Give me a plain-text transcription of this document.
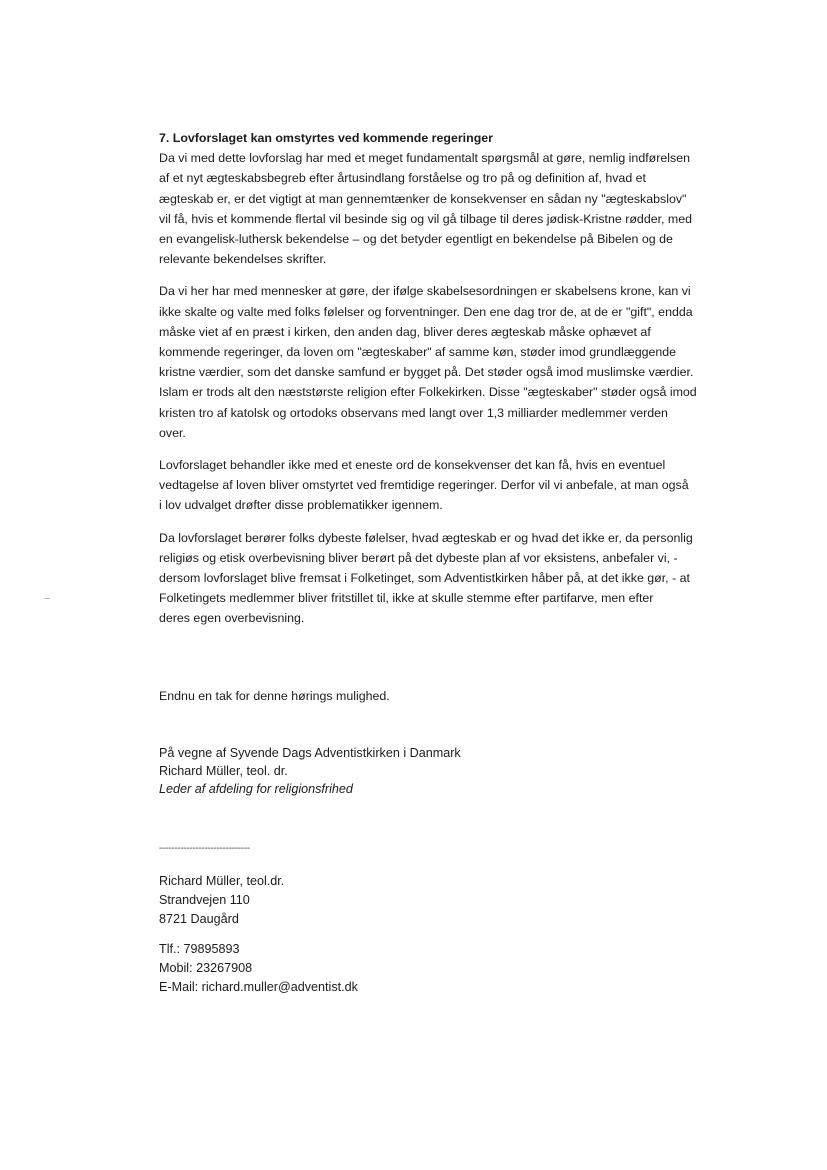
7. Lovforslaget kan omstyrtes ved kommende regeringer

Da vi med dette lovforslag har med et meget fundamentalt spørgsmål at gøre, nemlig indførelsen
af et nyt ægteskabsbegreb efter årtusindlang forståelse og tro på og definition af, hvad et
ægteskab er, er det vigtigt at man gennemtænker de konsekvenser en sådan ny "ægteskabslov"
vil få, hvis et kommende flertal vil besinde sig og vil gå tilbage til deres jødisk-Kristne rødder, med
en evangelisk-luthersk bekendelse – og det betyder egentligt en bekendelse på Bibelen og de
relevante bekendelses skrifter.

Da vi her har med mennesker at gøre, der ifølge skabelsesordningen er skabelsens krone, kan vi
ikke skalte og valte med folks følelser og forventninger. Den ene dag tror de, at de er "gift", endda
måske viet af en præst i kirken, den anden dag, bliver deres ægteskab måske ophævet af
kommende regeringer, da loven om "ægteskaber" af samme køn, støder imod grundlæggende
kristne værdier, som det danske samfund er bygget på. Det støder også imod muslimske værdier.
Islam er trods alt den næststørste religion efter Folkekirken. Disse "ægteskaber" støder også imod
kristen tro af katolsk og ortodoks observans med langt over 1,3 milliarder medlemmer verden
over.

Lovforslaget behandler ikke med et eneste ord de konsekvenser det kan få, hvis en eventuel
vedtagelse af loven bliver omstyrtet ved fremtidige regeringer. Derfor vil vi anbefale, at man også
i lov udvalget drøfter disse problematikker igennem.

Da lovforslaget berører folks dybeste følelser, hvad ægteskab er og hvad det ikke er, da personlig
religiøs og etisk overbevisning bliver berørt på det dybeste plan af vor eksistens, anbefaler vi, -
dersom lovforslaget blive fremsat i Folketinget, som Adventistkirken håber på, at det ikke gør, - at
Folketingets medlemmer bliver fritstillet til, ikke at skulle stemme efter partifarve, men efter
deres egen overbevisning.

Endnu en tak for denne hørings mulighed.
På vegne af Syvende Dags Adventistkirken i Danmark
Richard Müller, teol. dr.
Leder af afdeling for religionsfrihed
------------------------------
Richard Müller, teol.dr.
Strandvejen 110
8721 Daugård
Tlf.: 79895893
Mobil: 23267908
E-Mail: richard.muller@adventist.dk
